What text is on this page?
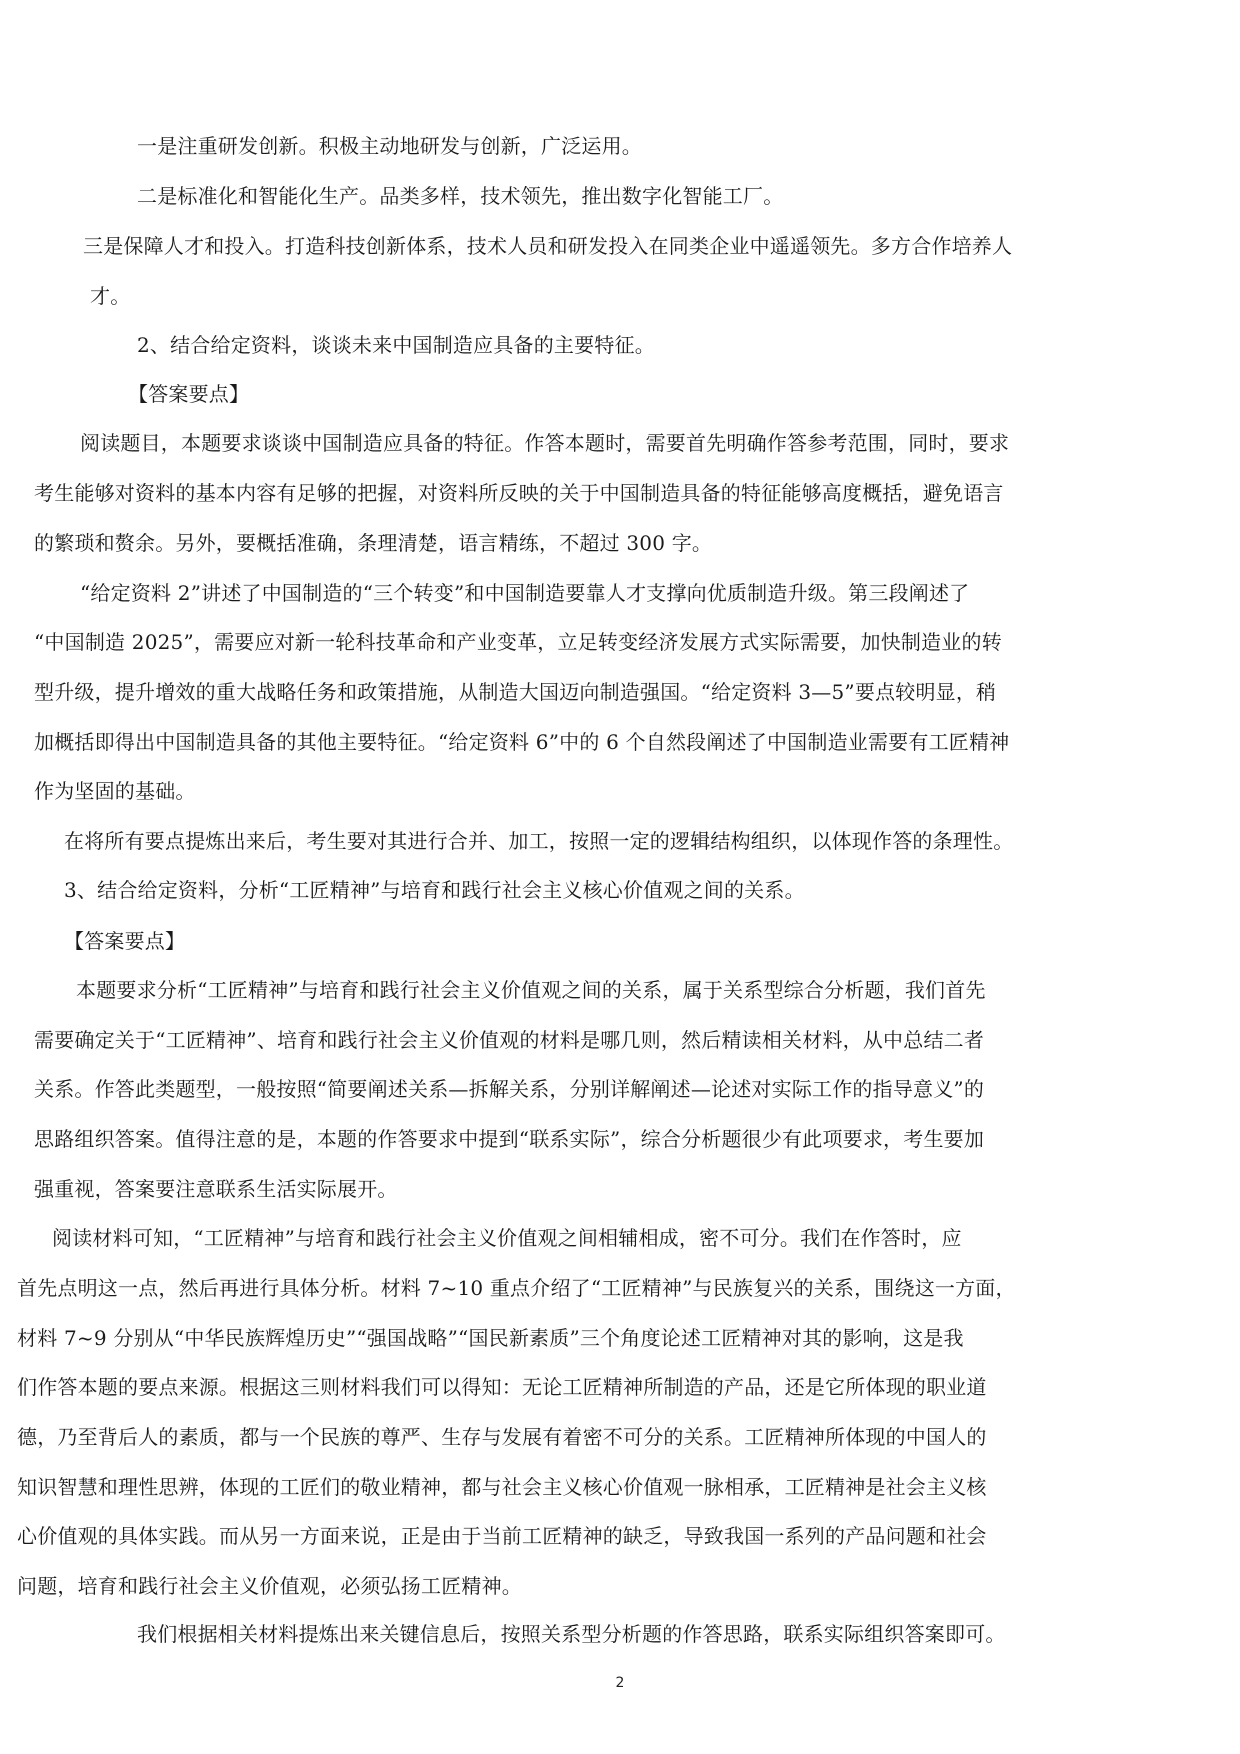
一是注重研发创新。积极主动地研发与创新，广泛运用。
二是标准化和智能化生产。品类多样，技术领先，推出数字化智能工厂。
三是保障人才和投入。打造科技创新体系，技术人员和研发投入在同类企业中遥遥领先。多方合作培养人
才。
2、结合给定资料，谈谈未来中国制造应具备的主要特征。
【答案要点】
阅读题目，本题要求谈谈中国制造应具备的特征。作答本题时，需要首先明确作答参考范围，同时，要求
考生能够对资料的基本内容有足够的把握，对资料所反映的关于中国制造具备的特征能够高度概括，避免语言
的繁琐和赘余。另外，要概括准确，条理清楚，语言精练，不超过 300 字。
“给定资料 2”讲述了中国制造的“三个转变”和中国制造要靠人才支撑向优质制造升级。第三段阐述了
“中国制造 2025”，需要应对新一轮科技革命和产业变革，立足转变经济发展方式实际需要，加快制造业的转
型升级，提升增效的重大战略任务和政策措施，从制造大国迈向制造强国。“给定资料 3—5”要点较明显，稍
加概括即得出中国制造具备的其他主要特征。“给定资料 6”中的 6 个自然段阐述了中国制造业需要有工匠精神
作为坚固的基础。
在将所有要点提炼出来后，考生要对其进行合并、加工，按照一定的逻辑结构组织，以体现作答的条理性。
3、结合给定资料，分析“工匠精神”与培育和践行社会主义核心价值观之间的关系。
【答案要点】
本题要求分析“工匠精神”与培育和践行社会主义价值观之间的关系，属于关系型综合分析题，我们首先
需要确定关于“工匠精神”、培育和践行社会主义价值观的材料是哪几则，然后精读相关材料，从中总结二者
关系。作答此类题型，一般按照“简要阐述关系—拆解关系，分别详解阐述—论述对实际工作的指导意义”的
思路组织答案。值得注意的是，本题的作答要求中提到“联系实际”，综合分析题很少有此项要求，考生要加
强重视，答案要注意联系生活实际展开。
阅读材料可知，“工匠精神”与培育和践行社会主义价值观之间相辅相成，密不可分。我们在作答时，应
首先点明这一点，然后再进行具体分析。材料 7~10 重点介绍了“工匠精神”与民族复兴的关系，围绕这一方面，
材料 7~9 分别从“中华民族辉煌历史”“强国战略”“国民新素质”三个角度论述工匠精神对其的影响，这是我
们作答本题的要点来源。根据这三则材料我们可以得知：无论工匠精神所制造的产品，还是它所体现的职业道
德，乃至背后人的素质，都与一个民族的尊严、生存与发展有着密不可分的关系。工匠精神所体现的中国人的
知识智慧和理性思辨，体现的工匠们的敬业精神，都与社会主义核心价值观一脉相承，工匠精神是社会主义核
心价值观的具体实践。而从另一方面来说，正是由于当前工匠精神的缺乏，导致我国一系列的产品问题和社会
问题，培育和践行社会主义价值观，必须弘扬工匠精神。
我们根据相关材料提炼出来关键信息后，按照关系型分析题的作答思路，联系实际组织答案即可。
2
